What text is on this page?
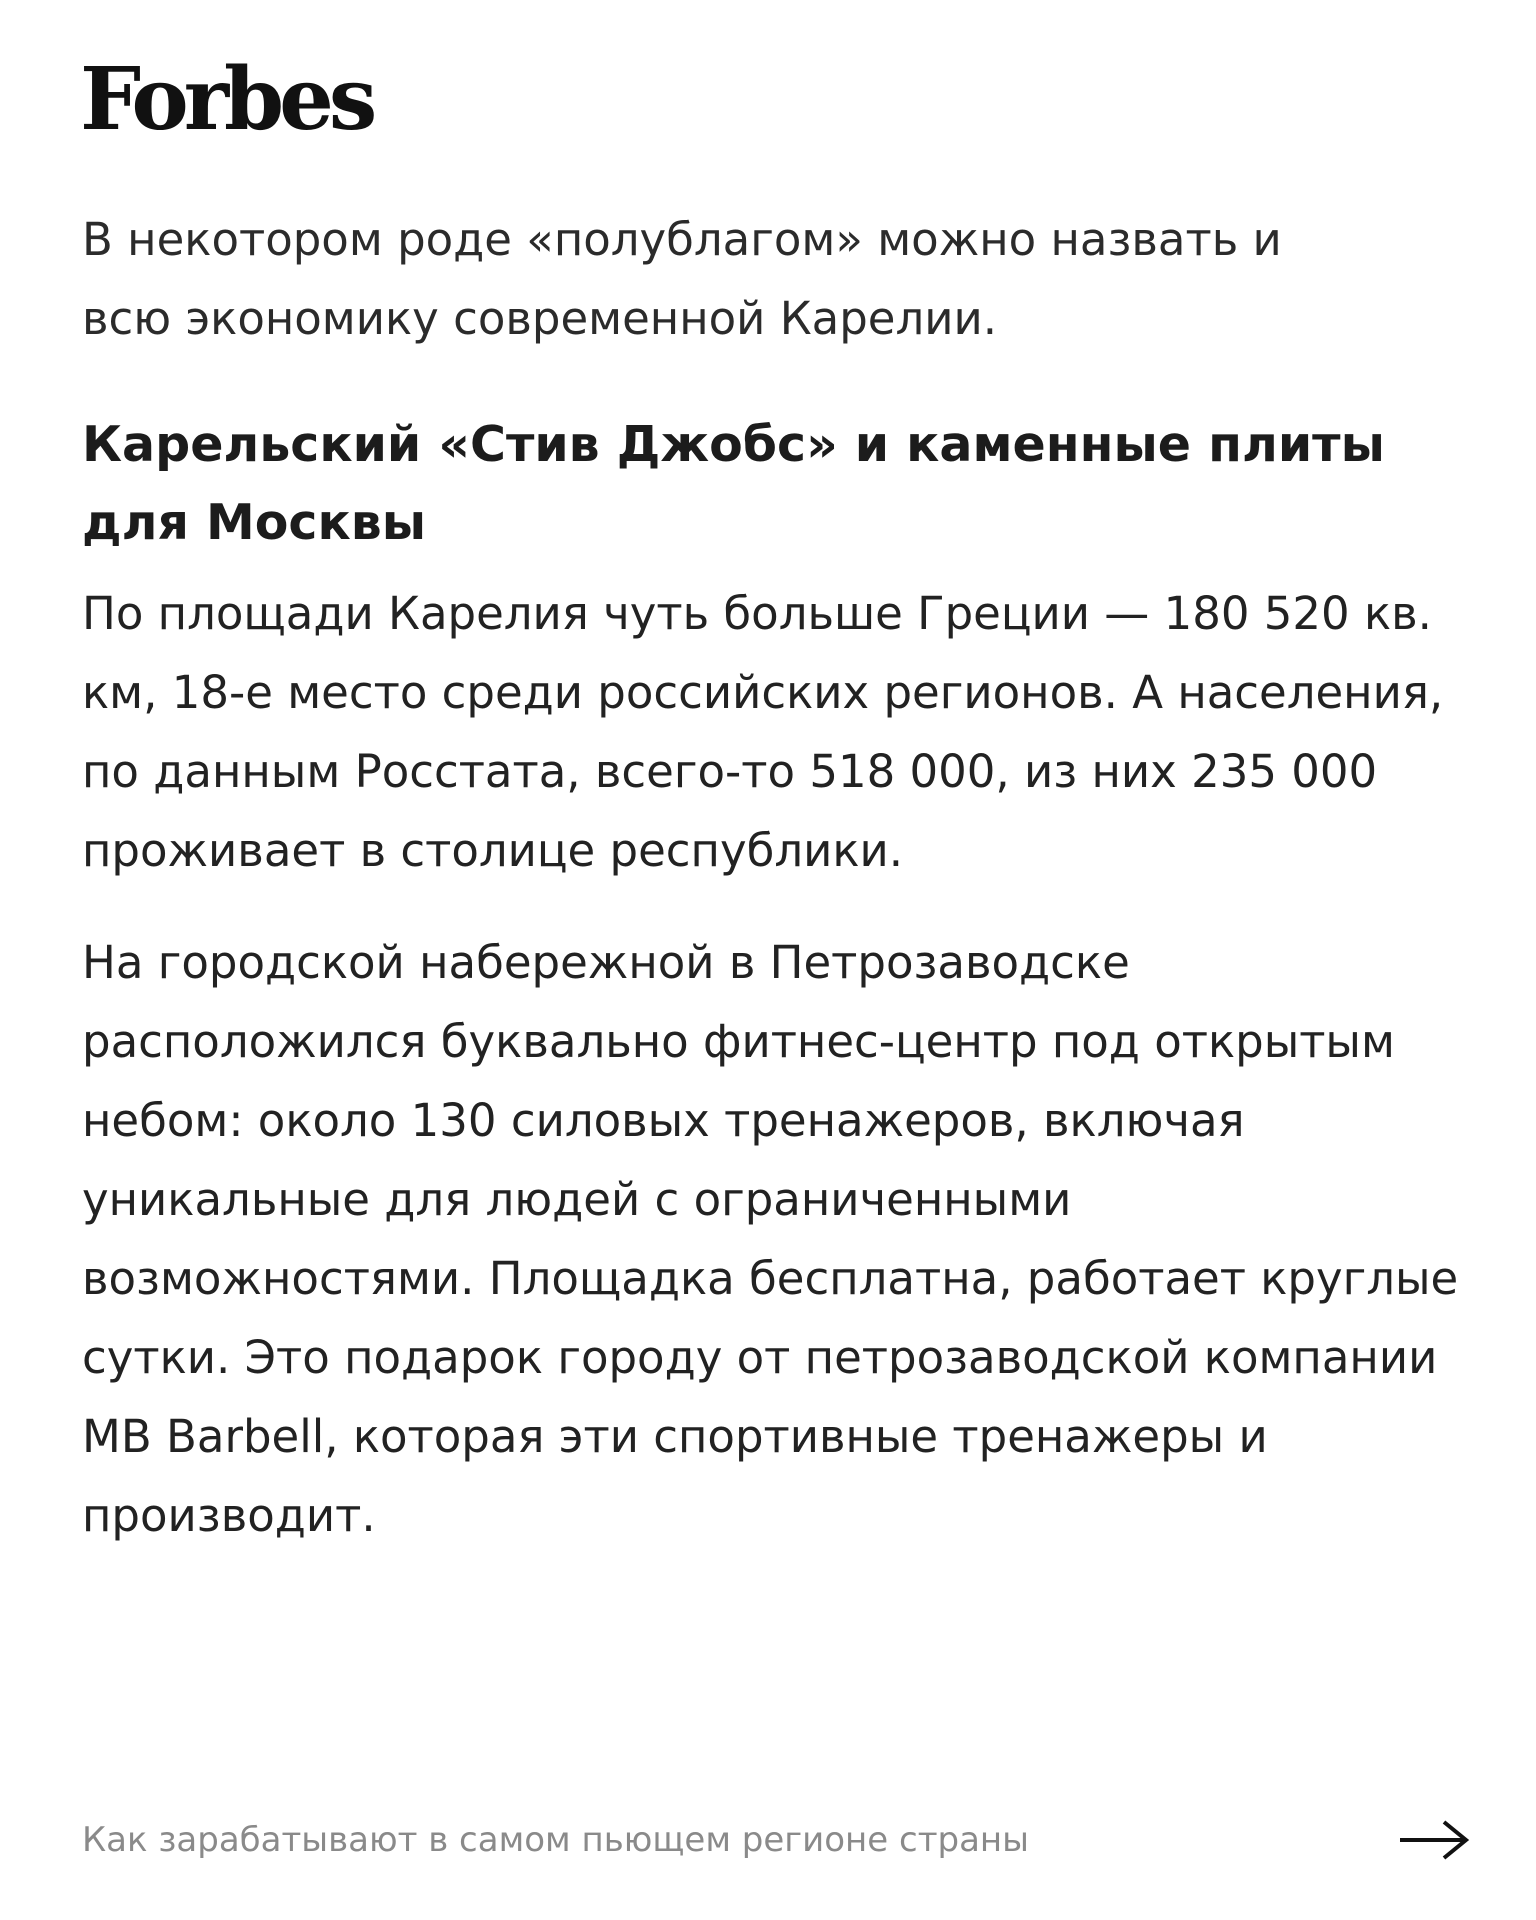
Forbes

В некотором роде «полублагом» можно назвать и всю экономику современной Карелии.

Карельский «Стив Джобс» и каменные плиты для Москвы

По площади Карелия чуть больше Греции — 180 520 кв. км, 18-е место среди российских регионов. А населения, по данным Росстата, всего-то 518 000, из них 235 000 проживает в столице республики.

На городской набережной в Петрозаводске расположился буквально фитнес-центр под открытым небом: около 130 силовых тренажеров, включая уникальные для людей с ограниченными возможностями. Площадка бесплатна, работает круглые сутки. Это подарок городу от петрозаводской компании MB Barbell, которая эти спортивные тренажеры и производит.

Как зарабатывают в самом пьющем регионе страны
